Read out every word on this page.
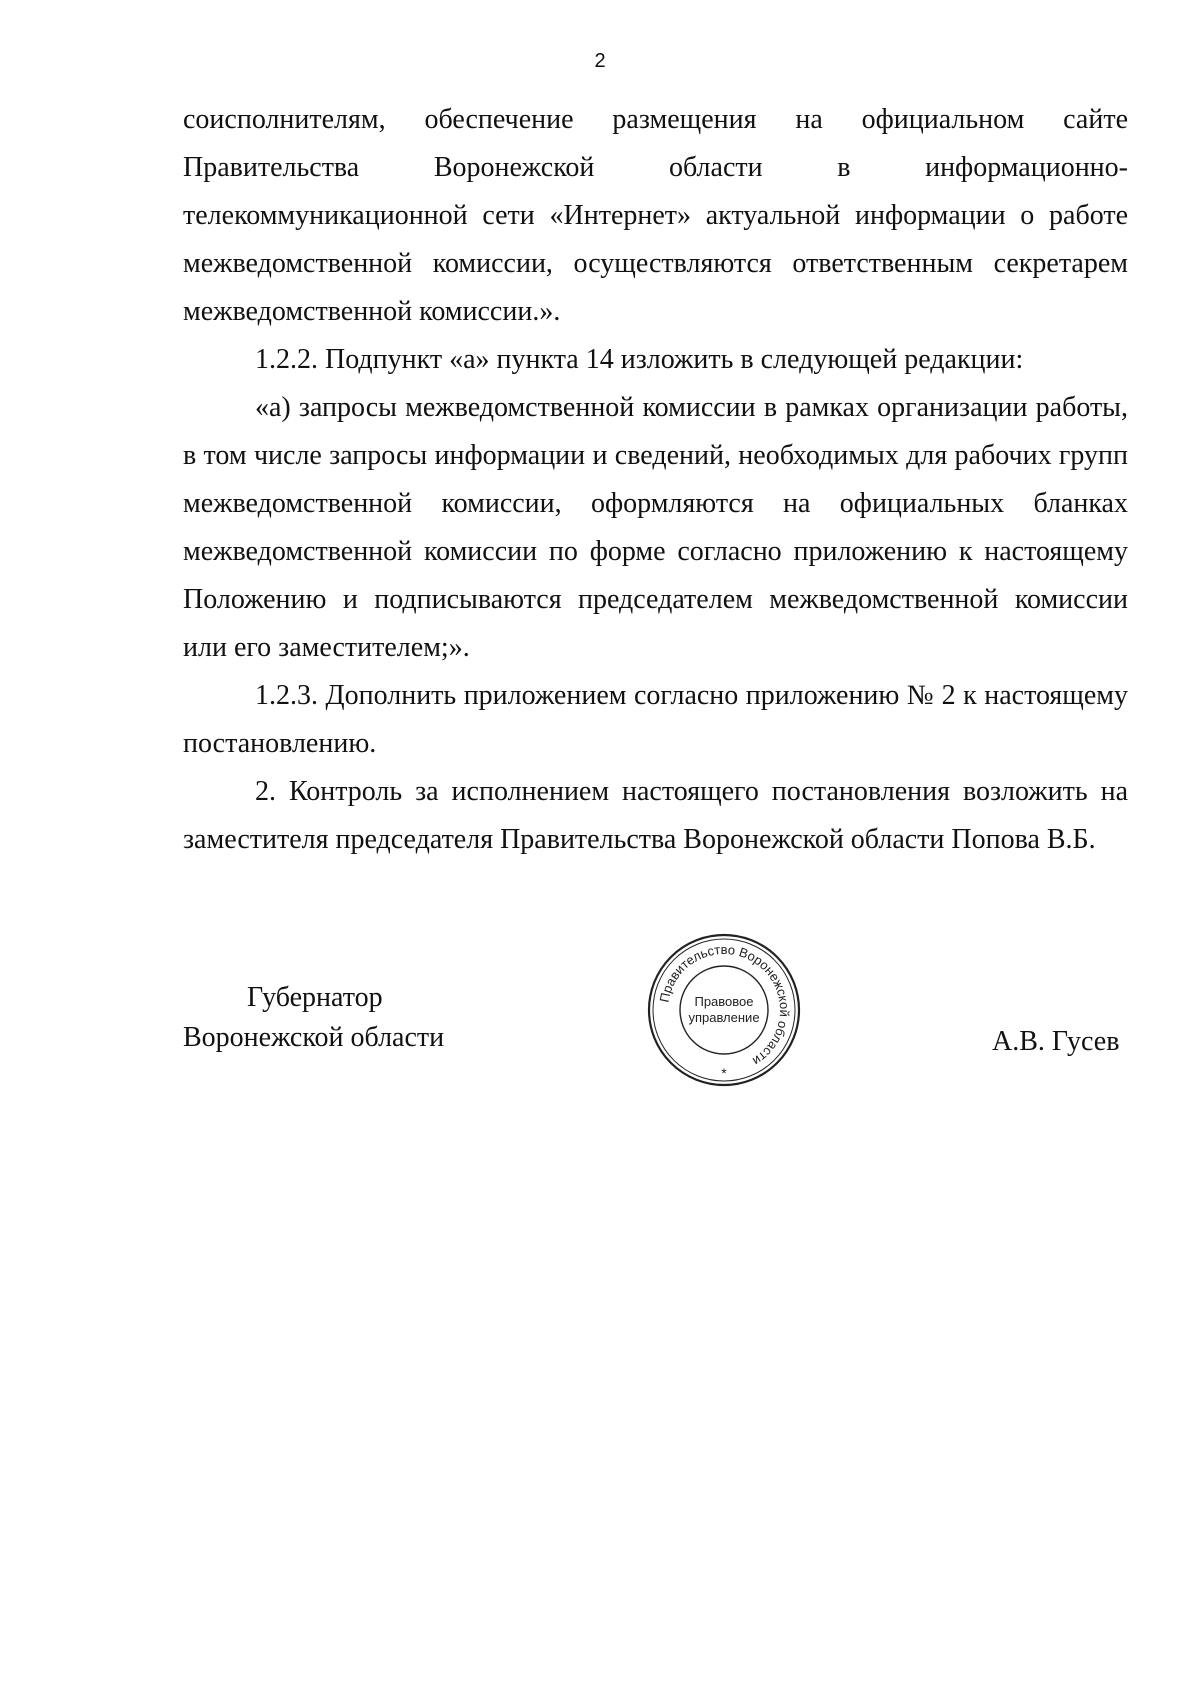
2

соисполнителям, обеспечение размещения на официальном сайте Правительства Воронежской области в информационно-телекоммуникационной сети «Интернет» актуальной информации о работе межведомственной комиссии, осуществляются ответственным секретарем межведомственной комиссии.».

1.2.2. Подпункт «а» пункта 14 изложить в следующей редакции:

«а) запросы межведомственной комиссии в рамках организации работы, в том числе запросы информации и сведений, необходимых для рабочих групп межведомственной комиссии, оформляются на официальных бланках межведомственной комиссии по форме согласно приложению к настоящему Положению и подписываются председателем межведомственной комиссии или его заместителем;».

1.2.3. Дополнить приложением согласно приложению № 2 к настоящему постановлению.

2. Контроль за исполнением настоящего постановления возложить на заместителя председателя Правительства Воронежской области Попова В.Б.

Губернатор
Воронежской области
Правительство Воронежской области
Правовое
управление
*
А.В. Гусев
